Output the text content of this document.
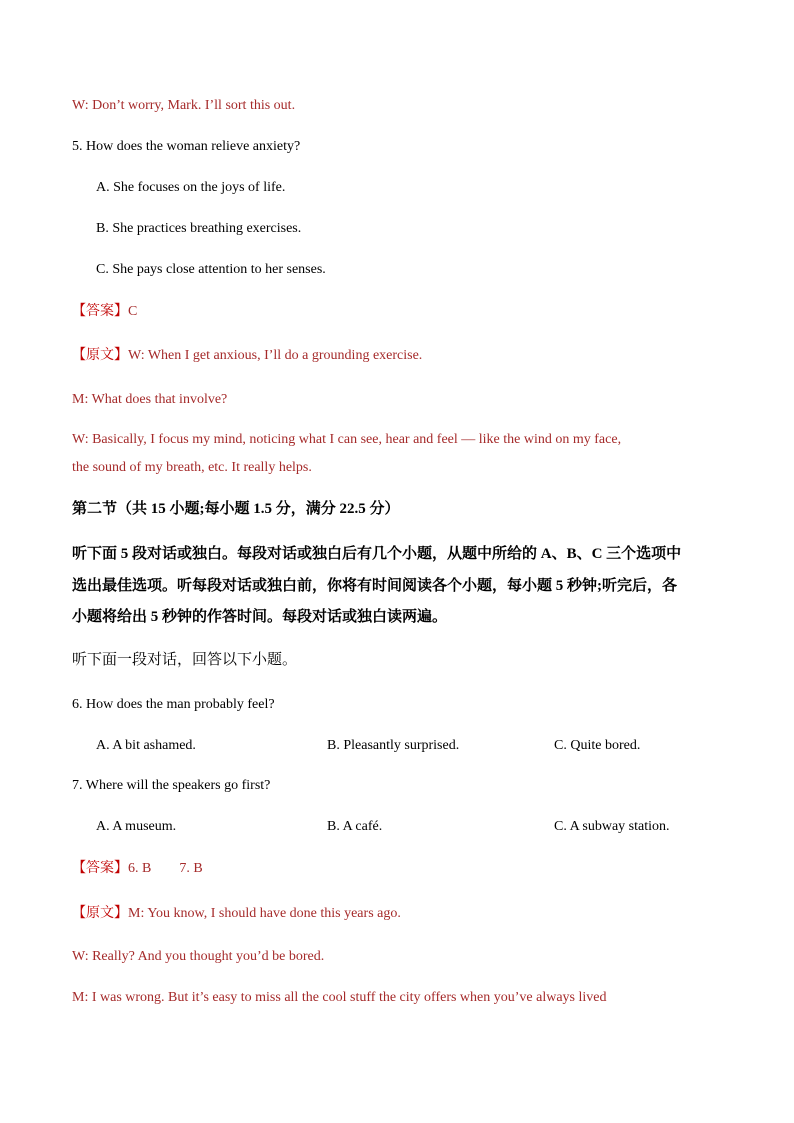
W: Don’t worry, Mark. I’ll sort this out.
5. How does the woman relieve anxiety?
A. She focuses on the joys of life.
B. She practices breathing exercises.
C. She pays close attention to her senses.
【答案】C
【原文】W: When I get anxious, I’ll do a grounding exercise.
M: What does that involve?
W: Basically, I focus my mind, noticing what I can see, hear and feel — like the wind on my face,
the sound of my breath, etc. It really helps.
第二节（共 15 小题;每小题 1.5 分，满分 22.5 分）
听下面 5 段对话或独白。每段对话或独白后有几个小题，从题中所给的 A、B、C 三个选项中
选出最佳选项。听每段对话或独白前，你将有时间阅读各个小题，每小题 5 秒钟;听完后，各
小题将给出 5 秒钟的作答时间。每段对话或独白读两遍。
听下面一段对话，回答以下小题。
6. How does the man probably feel?
A. A bit ashamed.	B. Pleasantly surprised.	C. Quite bored.
7. Where will the speakers go first?
A. A museum.	B. A café.	C. A subway station.
【答案】6. B        7. B
【原文】M: You know, I should have done this years ago.
W: Really? And you thought you’d be bored.
M: I was wrong. But it’s easy to miss all the cool stuff the city offers when you’ve always lived
